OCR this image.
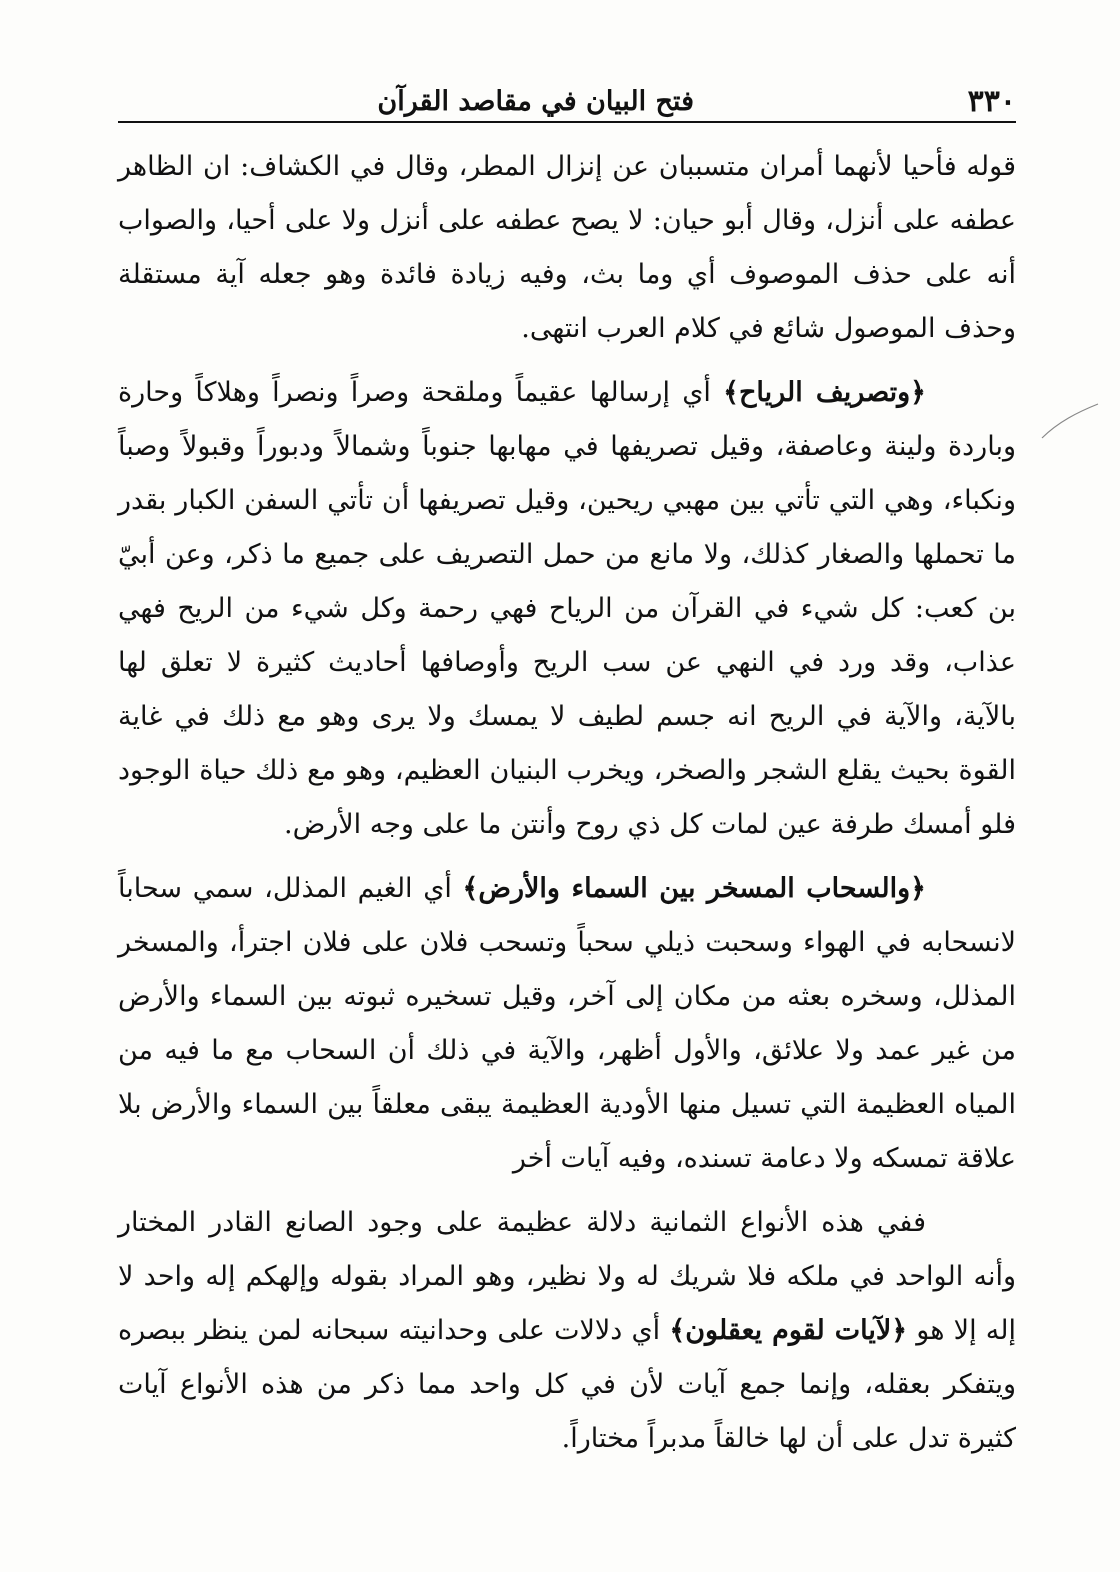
٣٣٠
فتح البيان في مقاصد القرآن

قوله فأحيا لأنهما أمران متسببان عن إنزال المطر، وقال في الكشاف: ان الظاهر عطفه على أنزل، وقال أبو حيان: لا يصح عطفه على أنزل ولا على أحيا، والصواب أنه على حذف الموصوف أي وما بث، وفيه زيادة فائدة وهو جعله آية مستقلة وحذف الموصول شائع في كلام العرب انتهى.

﴿وتصريف الرياح﴾ أي إرسالها عقيماً وملقحة وصراً ونصراً وهلاكاً وحارة وباردة ولينة وعاصفة، وقيل تصريفها في مهابها جنوباً وشمالاً ودبوراً وقبولاً وصباً ونكباء، وهي التي تأتي بين مهبي ريحين، وقيل تصريفها أن تأتي السفن الكبار بقدر ما تحملها والصغار كذلك، ولا مانع من حمل التصريف على جميع ما ذكر، وعن أبيّ بن كعب: كل شيء في القرآن من الرياح فهي رحمة وكل شيء من الريح فهي عذاب، وقد ورد في النهي عن سب الريح وأوصافها أحاديث كثيرة لا تعلق لها بالآية، والآية في الريح انه جسم لطيف لا يمسك ولا يرى وهو مع ذلك في غاية القوة بحيث يقلع الشجر والصخر، ويخرب البنيان العظيم، وهو مع ذلك حياة الوجود فلو أمسك طرفة عين لمات كل ذي روح وأنتن ما على وجه الأرض.

﴿والسحاب المسخر بين السماء والأرض﴾ أي الغيم المذلل، سمي سحاباً لانسحابه في الهواء وسحبت ذيلي سحباً وتسحب فلان على فلان اجترأ، والمسخر المذلل، وسخره بعثه من مكان إلى آخر، وقيل تسخيره ثبوته بين السماء والأرض من غير عمد ولا علائق، والأول أظهر، والآية في ذلك أن السحاب مع ما فيه من المياه العظيمة التي تسيل منها الأودية العظيمة يبقى معلقاً بين السماء والأرض بلا علاقة تمسكه ولا دعامة تسنده، وفيه آيات أخر

ففي هذه الأنواع الثمانية دلالة عظيمة على وجود الصانع القادر المختار وأنه الواحد في ملكه فلا شريك له ولا نظير، وهو المراد بقوله وإلهكم إله واحد لا إله إلا هو ﴿لآيات لقوم يعقلون﴾ أي دلالات على وحدانيته سبحانه لمن ينظر ببصره ويتفكر بعقله، وإنما جمع آيات لأن في كل واحد مما ذكر من هذه الأنواع آيات كثيرة تدل على أن لها خالقاً مدبراً مختاراً.
